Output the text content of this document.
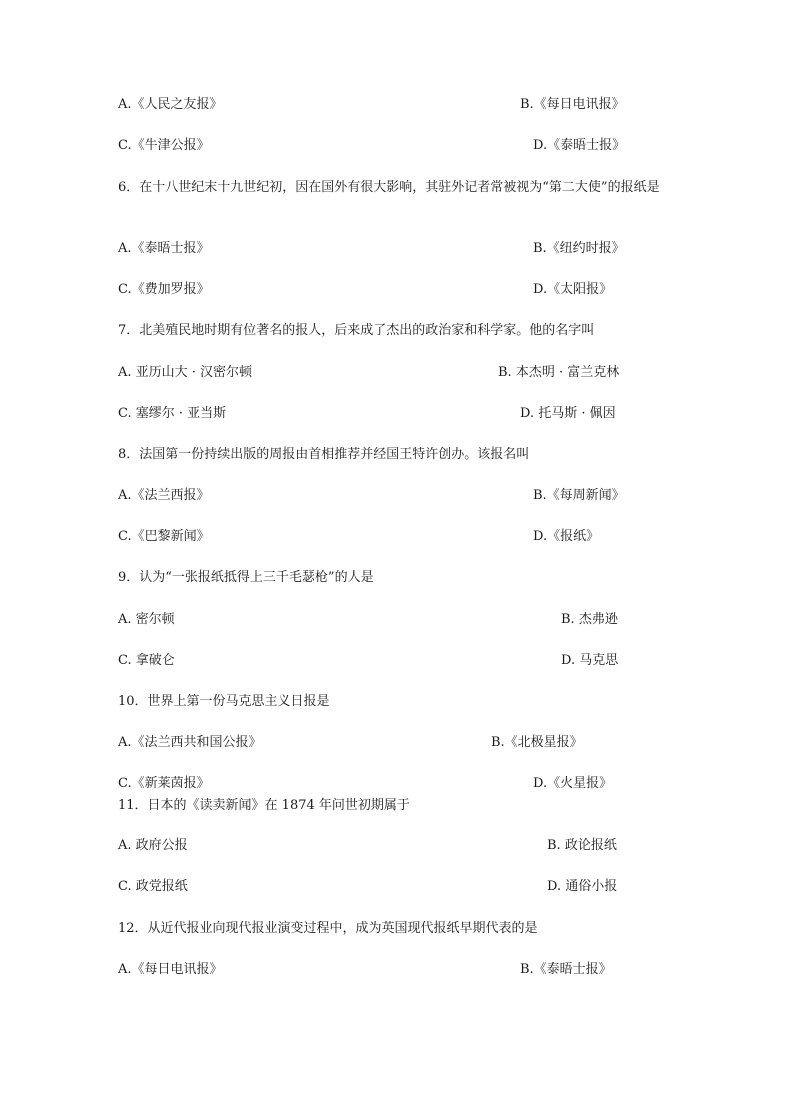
A.《人民之友报》	B.《每日电讯报》
C.《牛津公报》	D.《泰晤士报》
6．在十八世纪末十九世纪初，因在国外有很大影响，其驻外记者常被视为“第二大使”的报纸是
A.《泰晤士报》	B.《纽约时报》
C.《费加罗报》	D.《太阳报》
7．北美殖民地时期有位著名的报人，后来成了杰出的政治家和科学家。他的名字叫
A. 亚历山大 · 汉密尔顿	B. 本杰明 · 富兰克林
C. 塞缪尔 · 亚当斯	D. 托马斯 · 佩因
8．法国第一份持续出版的周报由首相推荐并经国王特许创办。该报名叫
A.《法兰西报》	B.《每周新闻》
C.《巴黎新闻》	D.《报纸》
9．认为“一张报纸抵得上三千毛瑟枪”的人是
A. 密尔顿	B. 杰弗逊
C. 拿破仑	D. 马克思
10．世界上第一份马克思主义日报是
A.《法兰西共和国公报》	B.《北极星报》
C.《新莱茵报》	D.《火星报》
11．日本的《读卖新闻》在 1874 年问世初期属于
A. 政府公报	B. 政论报纸
C. 政党报纸	D. 通俗小报
12．从近代报业向现代报业演变过程中，成为英国现代报纸早期代表的是
A.《每日电讯报》	B.《泰晤士报》
